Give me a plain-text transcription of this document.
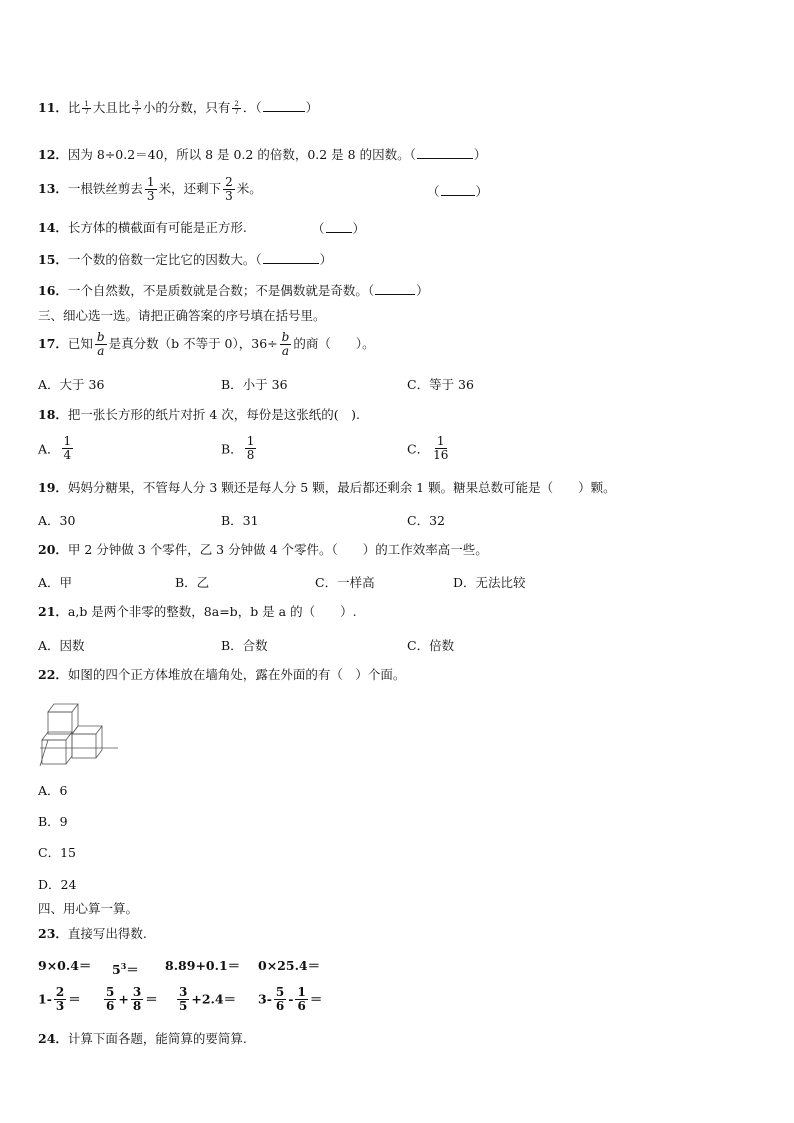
11．比 $\frac{1}{7}$ 大且比 $\frac{3}{7}$ 小的分数，只有 $\frac{2}{7}$ ．（	）
12．因为 8÷0.2＝40，所以 8 是 0.2 的倍数，0.2 是 8 的因数。（	）
13．一根铁丝剪去 $\frac{1}{3}$ 米，还剩下 $\frac{2}{3}$ 米。	（	）
14．长方体的横截面有可能是正方形.	（ ）
15．一个数的倍数一定比它的因数大。（	）
16．一个自然数，不是质数就是合数；不是偶数就是奇数。（	）
三、细心选一选。请把正确答案的序号填在括号里。
17．已知 $\frac{b}{a}$ 是真分数（b 不等于 0），$36\div \frac{b}{a}$ 的商（　　）。
A．大于 36	B．小于 36	C．等于 36
18．把一张长方形的纸片对折 4 次，每份是这张纸的(　).
A． $\frac{1}{4}$	B． $\frac{1}{8}$	C． $\frac{1}{16}$
19．妈妈分糖果，不管每人分 3 颗还是每人分 5 颗，最后都还剩余 1 颗。糖果总数可能是（　　）颗。
A．30	B．31	C．32
20．甲 2 分钟做 3 个零件，乙 3 分钟做 4 个零件。（　　）的工作效率高一些。
A．甲	B．乙	C．一样高	D．无法比较
21．a,b 是两个非零的整数，8a=b，b 是 a 的（　　）.
A．因数	B．合数	C．倍数
22．如图的四个正方体堆放在墙角处，露在外面的有（　）个面。
A．6
B．9
C．15
D．24
四、用心算一算。
23．直接写出得数.
$9\times 0.4= 5^3= 8.89+0.1= 0\times 25.4=$
$1- \frac{2}{3} = \frac{5}{6} + \frac{3}{8} = \frac{3}{5} +2.4= 3- \frac{5}{6} - \frac{1}{6}$ ＝
24．计算下面各题，能简算的要简算.
